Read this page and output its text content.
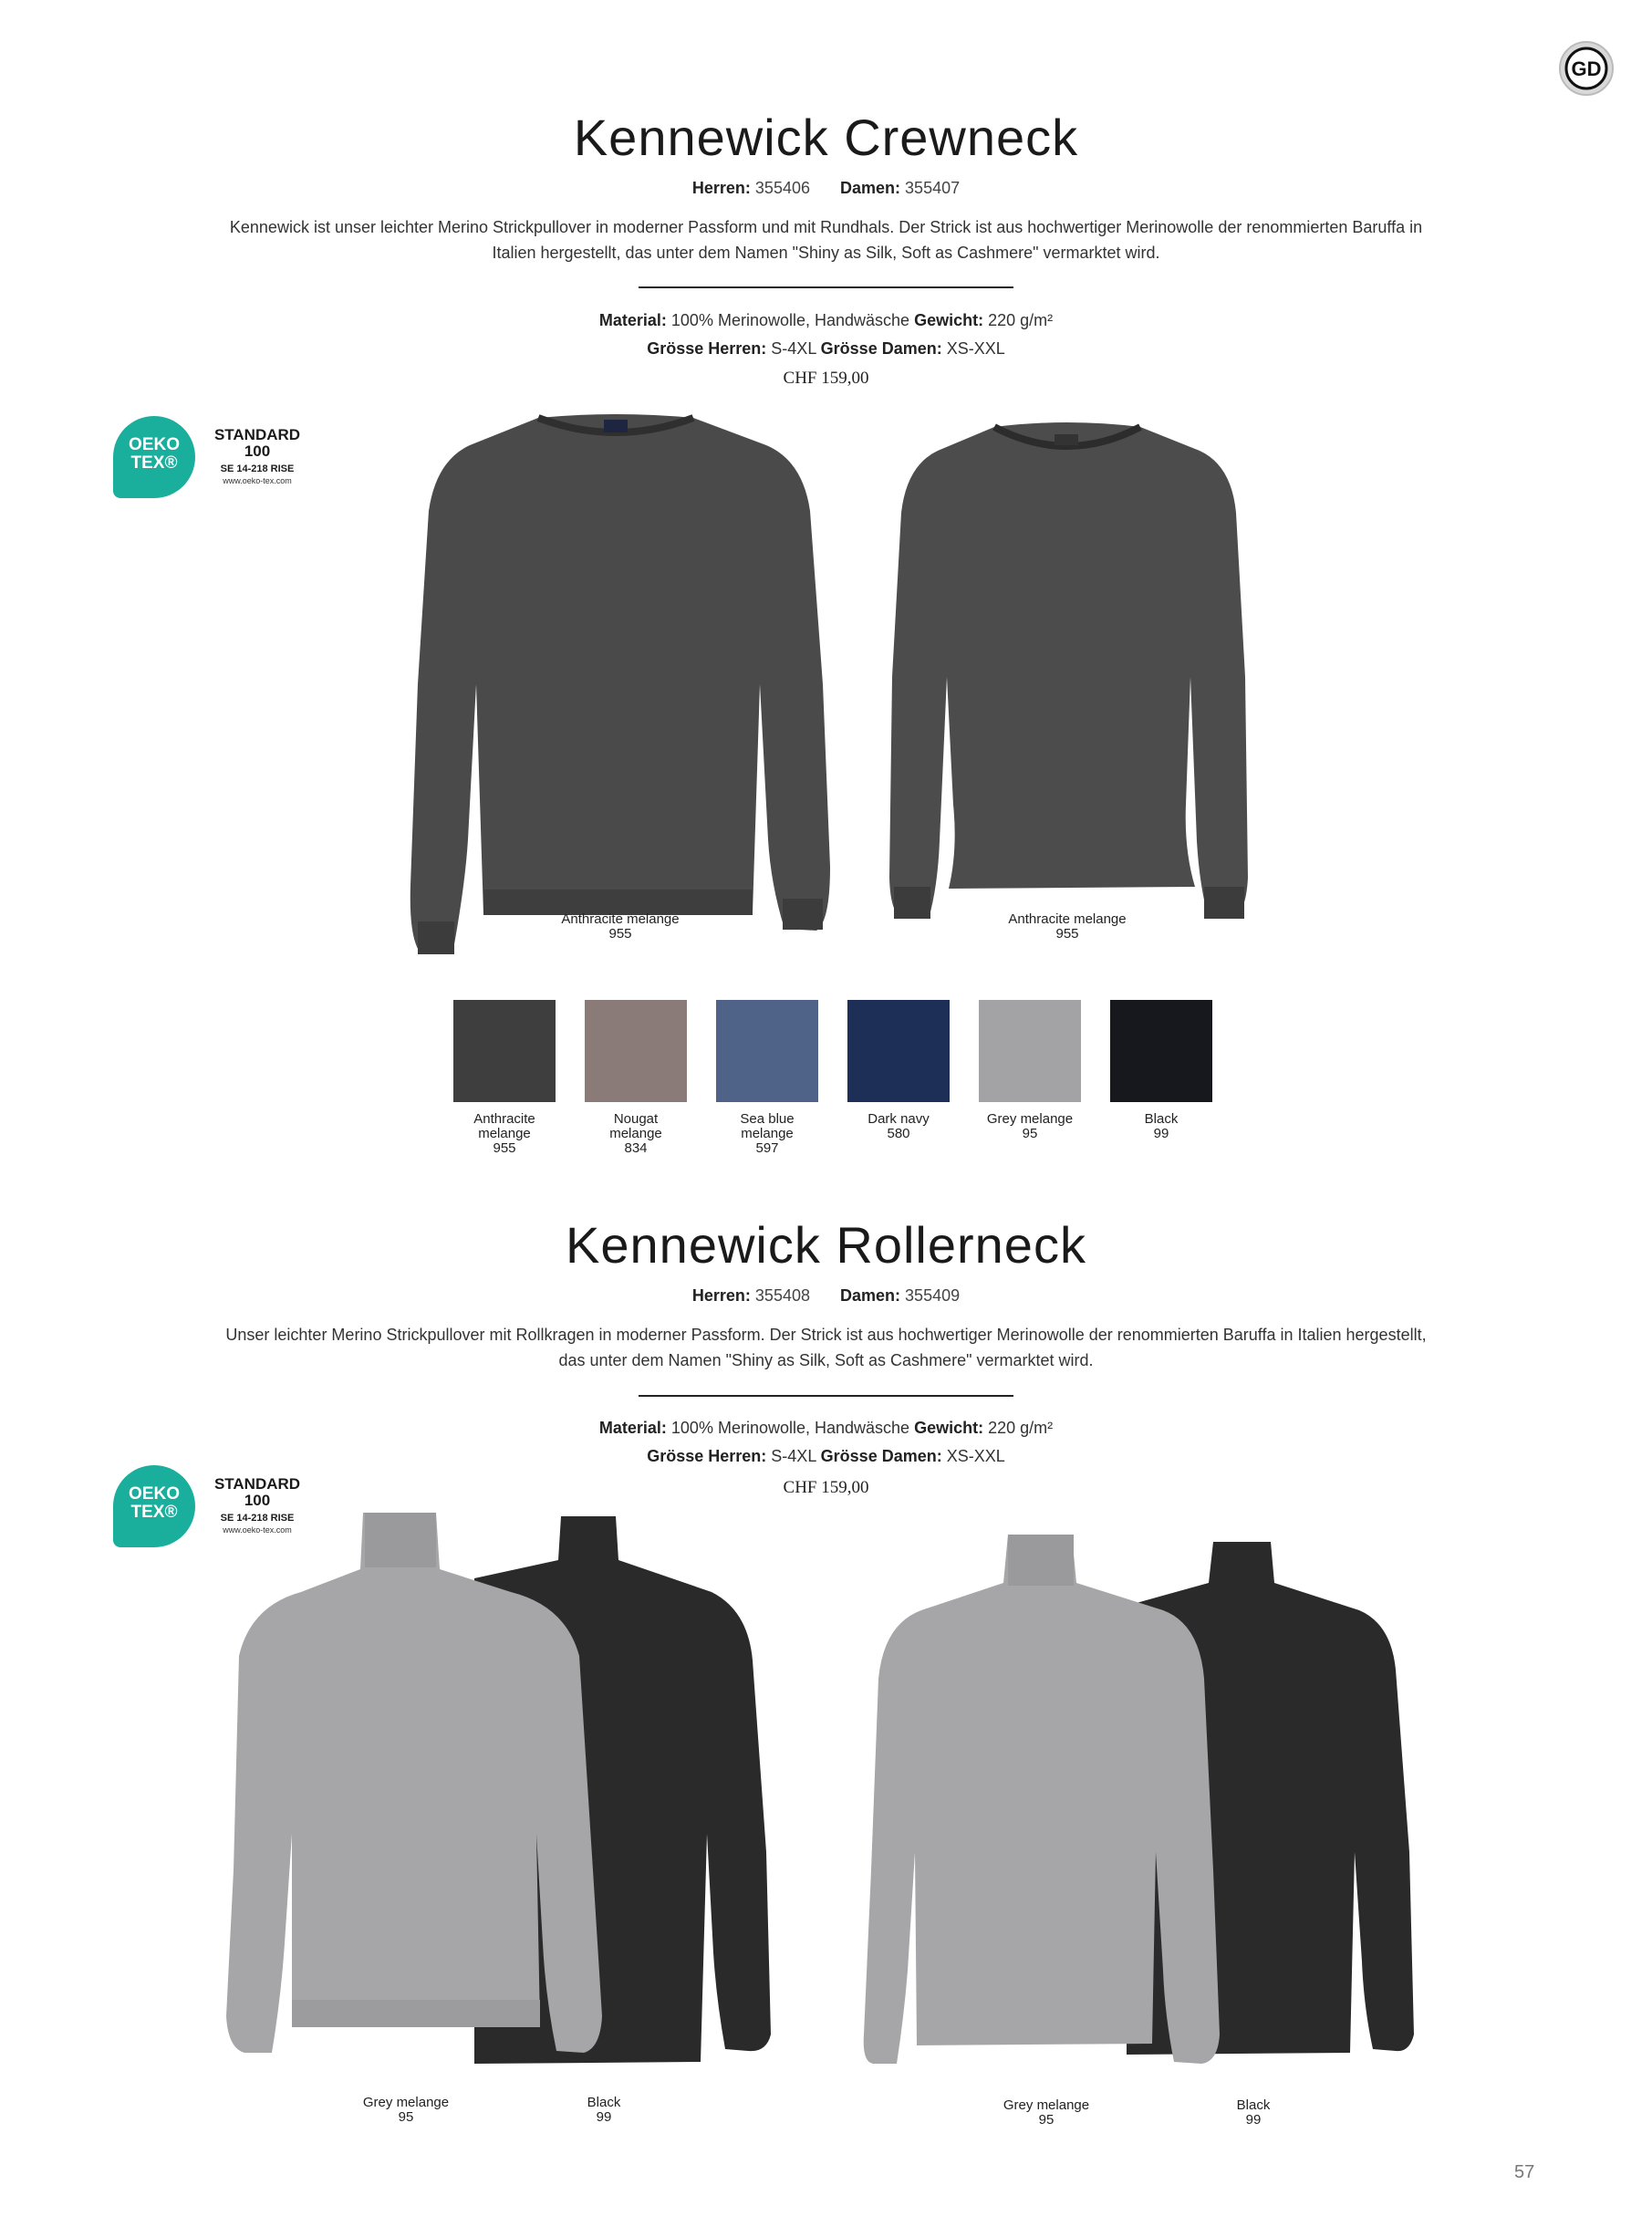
GD
Kennewick Crewneck
Herren: 355406 Damen: 355407
Kennewick ist unser leichter Merino Strickpullover in moderner Passform und mit Rundhals. Der Strick ist aus hochwertiger Merinowolle der renommierten Baruffa in
Italien hergestellt, das unter dem Namen "Shiny as Silk, Soft as Cashmere" vermarktet wird.
Material: 100% Merinowolle, Handwäsche Gewicht: 220 g/m²
Grösse Herren: S-4XL Grösse Damen: XS-XXL
CHF 159,00
OEKO
TEX®
STANDARD
100
SE 14-218 RISE
www.oeko-tex.com
Anthracite melange
955
Anthracite melange
955
Anthracite
melange
955
Nougat
melange
834
Sea blue
melange
597
Dark navy
580
Grey melange
95
Black
99
Kennewick Rollerneck
Herren: 355408 Damen: 355409
Unser leichter Merino Strickpullover mit Rollkragen in moderner Passform. Der Strick ist aus hochwertiger Merinowolle der renommierten Baruffa in Italien hergestellt,
das unter dem Namen "Shiny as Silk, Soft as Cashmere" vermarktet wird.
Material: 100% Merinowolle, Handwäsche Gewicht: 220 g/m²
Grösse Herren: S-4XL Grösse Damen: XS-XXL
CHF 159,00
OEKO
TEX®
STANDARD
100
SE 14-218 RISE
www.oeko-tex.com
Grey melange
95
Black
99
Grey melange
95
Black
99
57
